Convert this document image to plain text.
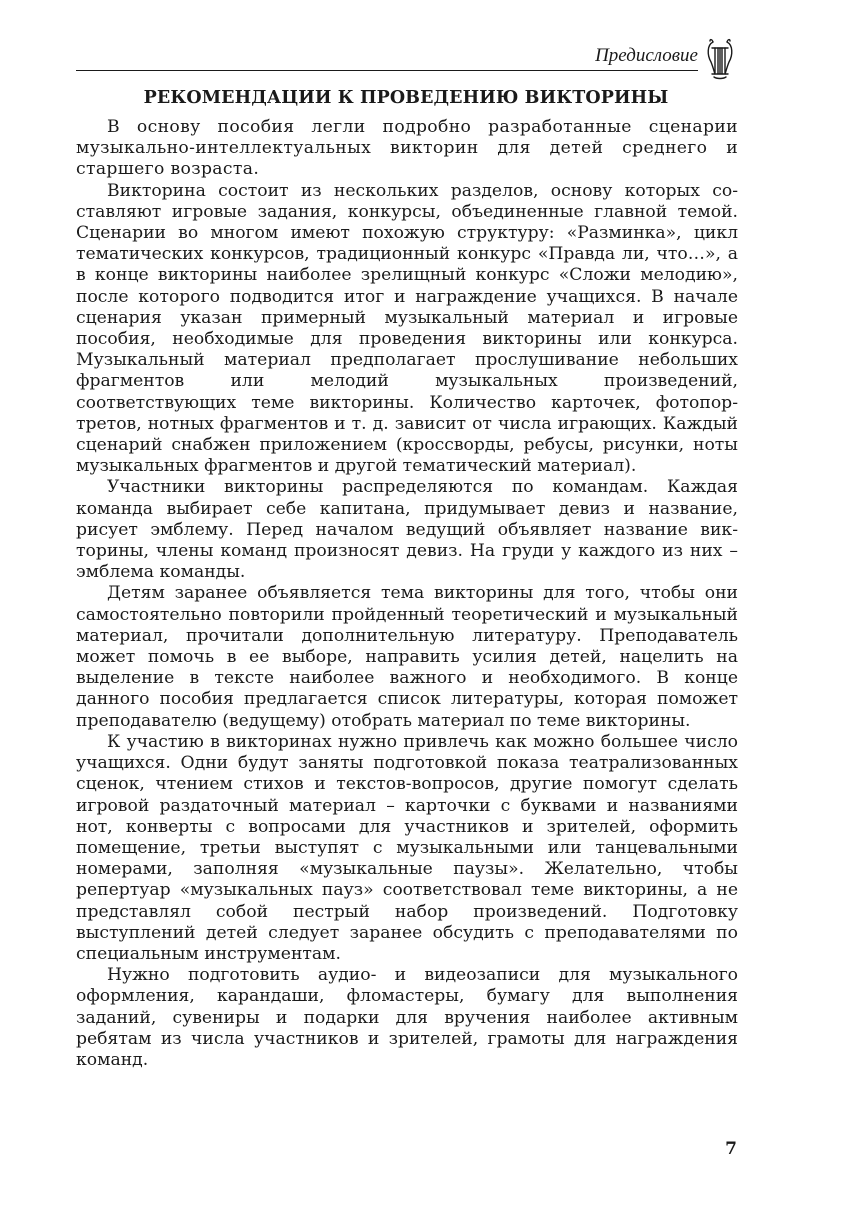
Предисловие
РЕКОМЕНДАЦИИ К ПРОВЕДЕНИЮ ВИКТОРИНЫ

В основу пособия легли подробно разработанные сценарии музыкально-интеллектуальных викторин для детей среднего и старшего возраста.

Викторина состоит из нескольких разделов, основу которых составляют игровые задания, конкурсы, объединенные главной темой. Сценарии во многом имеют похожую структуру: «Разминка», цикл тематических конкурсов, традиционный конкурс «Правда ли, что…», а в конце викторины наиболее зрелищный конкурс «Сложи мелодию», после которого подводится итог и награждение учащихся. В начале сценария указан примерный музыкальный материал и игровые пособия, необходимые для проведения викторины или конкурса. Музыкальный материал предполагает прослушивание небольших фрагментов или мелодий музыкальных произведений, соответствующих теме викторины. Количество карточек, фотопортретов, нотных фрагментов и т. д. зависит от числа играющих. Каждый сценарий снабжен приложением (кроссворды, ребусы, рисунки, ноты музыкальных фрагментов и другой тематический материал).

Участники викторины распределяются по командам. Каждая команда выбирает себе капитана, придумывает девиз и название, рисует эмблему. Перед началом ведущий объявляет название викторины, члены команд произносят девиз. На груди у каждого из них – эмблема команды.

Детям заранее объявляется тема викторины для того, чтобы они самостоятельно повторили пройденный теоретический и музыкальный материал, прочитали дополнительную литературу. Преподаватель может помочь в ее выборе, направить усилия детей, нацелить на выделение в тексте наиболее важного и необходимого. В конце данного пособия предлагается список литературы, которая поможет преподавателю (ведущему) отобрать материал по теме викторины.

К участию в викторинах нужно привлечь как можно большее число учащихся. Одни будут заняты подготовкой показа театрализованных сценок, чтением стихов и текстов-вопросов, другие помогут сделать игровой раздаточный материал – карточки с буквами и названиями нот, конверты с вопросами для участников и зрителей, оформить помещение, третьи выступят с музыкальными или танцевальными номерами, заполняя «музыкальные паузы». Желательно, чтобы репертуар «музыкальных пауз» соответствовал теме викторины, а не представлял собой пестрый набор произведений. Подготовку выступлений детей следует заранее обсудить с преподавателями по специальным инструментам.

Нужно подготовить аудио- и видеозаписи для музыкального оформления, карандаши, фломастеры, бумагу для выполнения заданий, сувениры и подарки для вручения наиболее активным ребятам из числа участников и зрителей, грамоты для награждения команд.

7
